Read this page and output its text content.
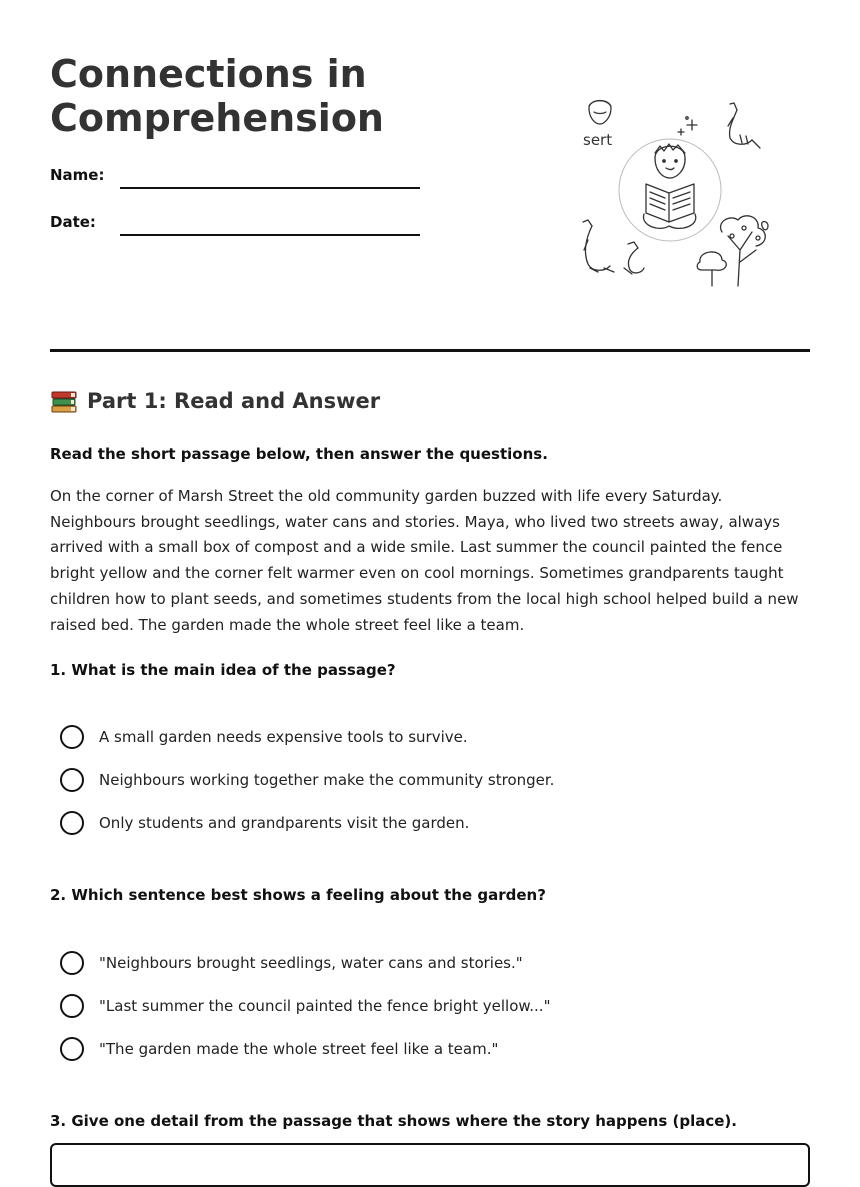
Connections in
Comprehension
Name:
Date:
sert
Part 1: Read and Answer
Read the short passage below, then answer the questions.

On the corner of Marsh Street the old community garden buzzed with life every Saturday. Neighbours brought seedlings, water cans and stories. Maya, who lived two streets away, always arrived with a small box of compost and a wide smile. Last summer the council painted the fence bright yellow and the corner felt warmer even on cool mornings. Sometimes grandparents taught children how to plant seeds, and sometimes students from the local high school helped build a new raised bed. The garden made the whole street feel like a team.

1. What is the main idea of the passage?
A small garden needs expensive tools to survive.
Neighbours working together make the community stronger.
Only students and grandparents visit the garden.
2. Which sentence best shows a feeling about the garden?
"Neighbours brought seedlings, water cans and stories."
"Last summer the council painted the fence bright yellow..."
"The garden made the whole street feel like a team."
3. Give one detail from the passage that shows where the story happens (place).
